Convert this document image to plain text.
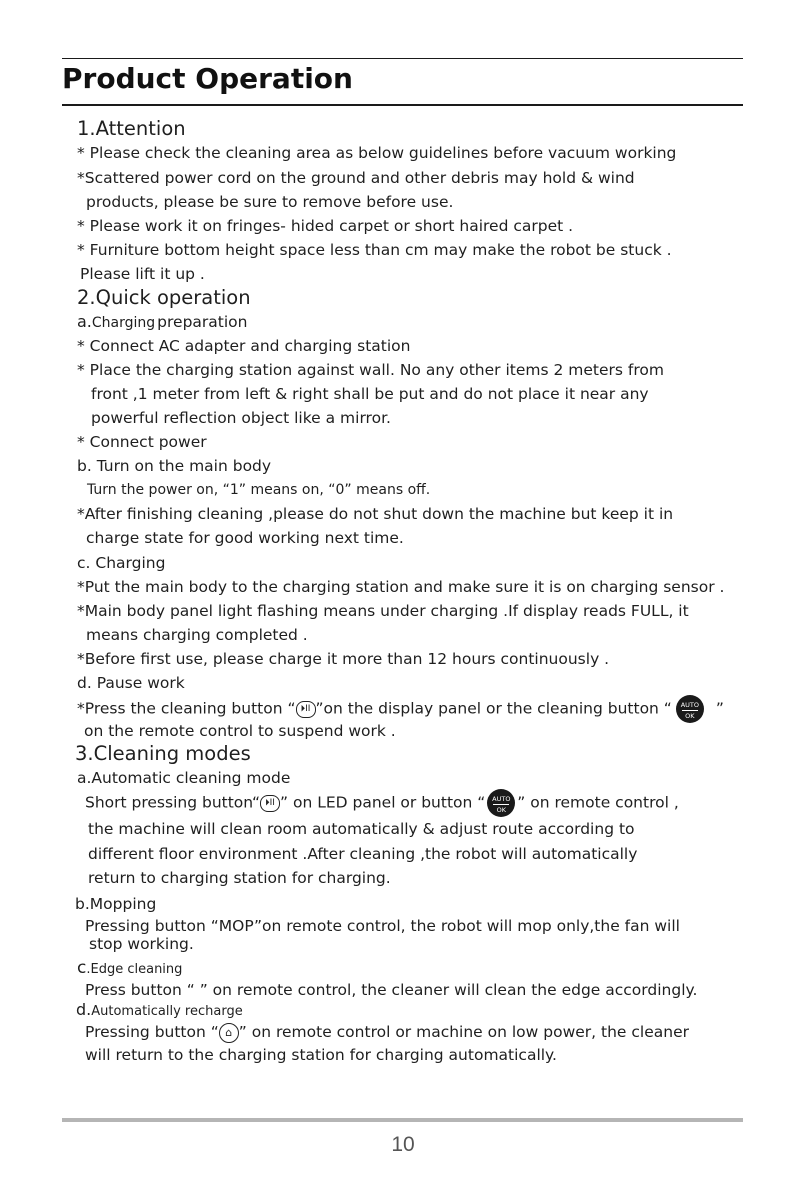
Product Operation
1.Attention
* Please check the cleaning area as below guidelines before vacuum working
*Scattered power cord on the ground and other debris may hold & wind
products, please be sure to remove before use.
* Please work it on fringes- hided carpet or short haired carpet .
* Furniture bottom height space less than cm may make the robot be stuck .
Please lift it up .
2.Quick operation
a.Charging preparation
* Connect AC adapter and charging station
* Place the charging station against wall. No any other items 2 meters from
front ,1 meter from left & right shall be put and do not place it near any
powerful reflection object like a mirror.
* Connect power
b. Turn on the main body
Turn the power on, “1” means on, “0” means off.
*After finishing cleaning ,please do not shut down the machine but keep it in
charge state for good working next time.
c. Charging
*Put the main body to the charging station and make sure it is on charging sensor .
*Main body panel light flashing means under charging .If display reads FULL, it
means charging completed .
*Before first use, please charge it more than 12 hours continuously .
d. Pause work
*Press the cleaning button “ ⏵II ”on the display panel or the cleaning button “ AUTO
OK ”
on the remote control to suspend work .
3.Cleaning modes
a.Automatic cleaning mode
Short pressing button“ ⏵II ” on LED panel or button “ AUTO
OK ” on remote control ,
the machine will clean room automatically & adjust route according to
different floor environment .After cleaning ,the robot will automatically
return to charging station for charging.
b.Mopping
Pressing button “MOP”on remote control, the robot will mop only,the fan will
stop working.
c.Edge cleaning
Press button “ ” on remote control, the cleaner will clean the edge accordingly.
d.Automatically recharge
Pressing button “ ⌂ ” on remote control or machine on low power, the cleaner
will return to the charging station for charging automatically.
10
